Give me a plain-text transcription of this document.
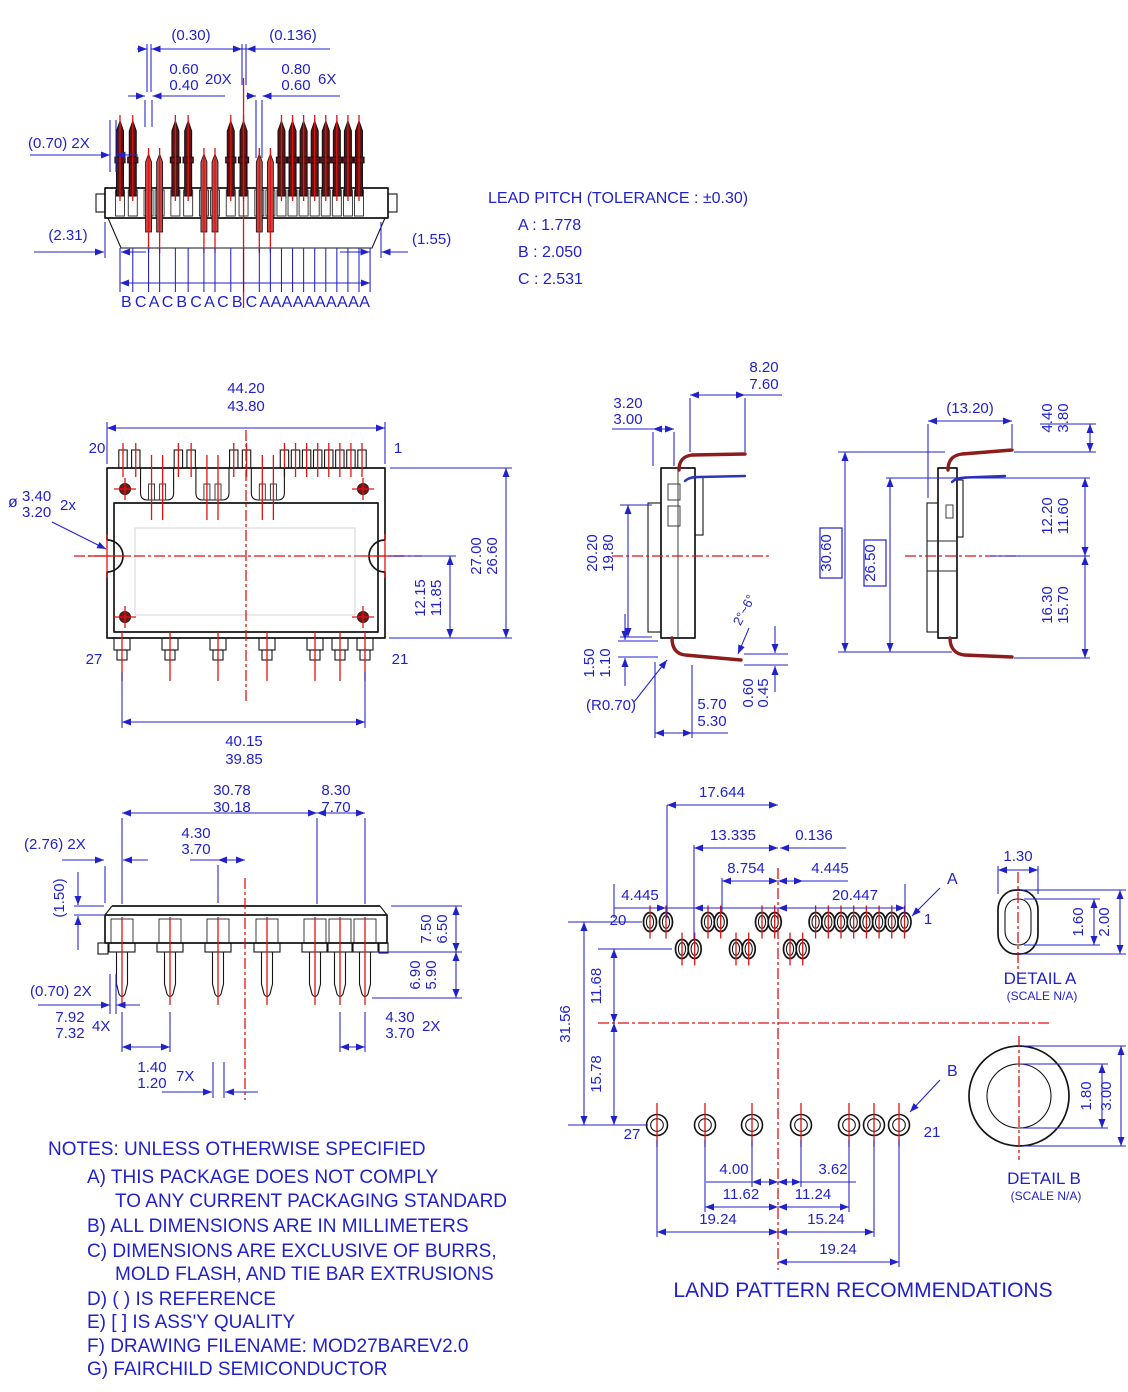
(0.30)	(0.136)
0.60
0.40 20X
0.80
0.60 6X
(0.70) 2X
(2.31)	(1.55)
B C A C B C A C B C A A A A A A A A A A
LEAD PITCH (TOLERANCE : ±0.30)
A : 1.778
B : 2.050
C : 2.531
44.20
43.80
27.00 26.60
12.15 11.85
40.15
39.85
ø 3.40
3.20 2x
20	1
27	21
8.20
7.60
3.20
3.00
20.20 19.80
1.50 1.10
(R0.70)	5.70
5.30
0.60
0.45
2°~6°
(13.20)	4.40 3.80
30.60 26.50
12.20 11.60
16.30 15.70
30.78
30.18
8.30
7.70
4.30
3.70
(2.76) 2X
(1.50)
(0.70) 2X
7.92
7.32 4X
1.40
1.20 7X
4.30
3.70 2X
7.50 6.50
6.90 5.90
17.644
13.335	0.136
8.754	4.445
4.445	20.447
31.56
11.68
15.78
4.00	3.62
11.62 11.24
19.24	15.24
19.24
A
B
20	1
27	21
LAND PATTERN RECOMMENDATIONS
1.30
1.60 2.00
DETAIL A
(SCALE N/A)
1.80 3.00
DETAIL B
(SCALE N/A)
NOTES: UNLESS OTHERWISE SPECIFIED
A) THIS PACKAGE DOES NOT COMPLY
TO ANY CURRENT PACKAGING STANDARD
B) ALL DIMENSIONS ARE IN MILLIMETERS
C) DIMENSIONS ARE EXCLUSIVE OF BURRS,
MOLD FLASH, AND TIE BAR EXTRUSIONS
D) ( ) IS REFERENCE
E) [ ] IS ASS'Y QUALITY
F) DRAWING FILENAME: MOD27BAREV2.0
G) FAIRCHILD SEMICONDUCTOR
